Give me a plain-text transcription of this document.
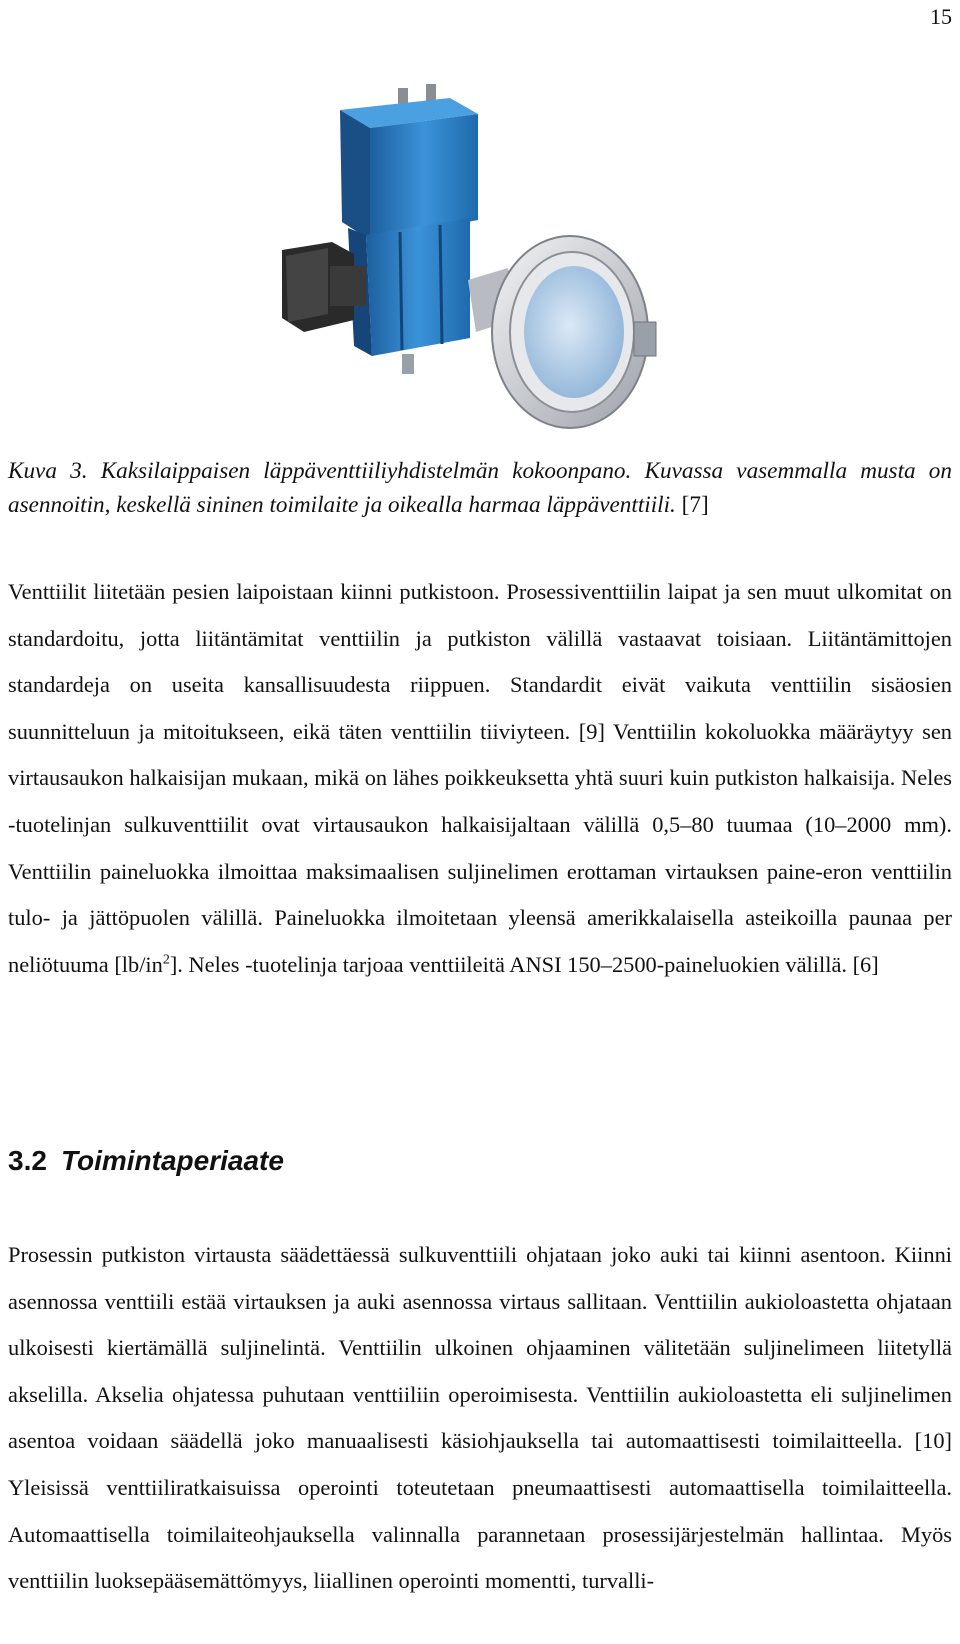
15
Kuva 3. Kaksilaippaisen läppäventtiiliyhdistelmän kokoonpano. Kuvassa vasemmalla musta on asennoitin, keskellä sininen toimilaite ja oikealla harmaa läppäventtiili. [7]

Venttiilit liitetään pesien laipoistaan kiinni putkistoon. Prosessiventtiilin laipat ja sen muut ulkomitat on standardoitu, jotta liitäntämitat venttiilin ja putkiston välillä vastaavat toisiaan. Liitäntämittojen standardeja on useita kansallisuudesta riippuen. Standardit eivät vaikuta venttiilin sisäosien suunnitteluun ja mitoitukseen, eikä täten venttiilin tiiviyteen. [9] Venttiilin kokoluokka määräytyy sen virtausaukon halkaisijan mukaan, mikä on lähes poikkeuksetta yhtä suuri kuin putkiston halkaisija. Neles -tuotelinjan sulkuventtiilit ovat virtausaukon halkaisijaltaan välillä 0,5–80 tuumaa (10–2000 mm). Venttiilin paineluokka ilmoittaa maksimaalisen suljinelimen erottaman virtauksen paine-eron venttiilin tulo- ja jättöpuolen välillä. Paineluokka ilmoitetaan yleensä amerikkalaisella asteikoilla paunaa per neliötuuma $[lb/in^2]$. Neles -tuotelinja tarjoaa venttiileitä ANSI 150–2500-paineluokien välillä. [6]

3.2 Toimintaperiaate

Prosessin putkiston virtausta säädettäessä sulkuventtiili ohjataan joko auki tai kiinni asentoon. Kiinni asennossa venttiili estää virtauksen ja auki asennossa virtaus sallitaan. Venttiilin aukioloastetta ohjataan ulkoisesti kiertämällä suljinelintä. Venttiilin ulkoinen ohjaaminen välitetään suljinelimeen liitetyllä akselilla. Akselia ohjatessa puhutaan venttiiliin operoimisesta. Venttiilin aukioloastetta eli suljinelimen asentoa voidaan säädellä joko manuaalisesti käsiohjauksella tai automaattisesti toimilaitteella. [10] Yleisissä venttiiliratkaisuissa operointi toteutetaan pneumaattisesti automaattisella toimilaitteella. Automaattisella toimilaiteohjauksella valinnalla parannetaan prosessijärjestelmän hallintaa. Myös venttiilin luoksepääsemättömyys, liiallinen operointi momentti, turvalli-
